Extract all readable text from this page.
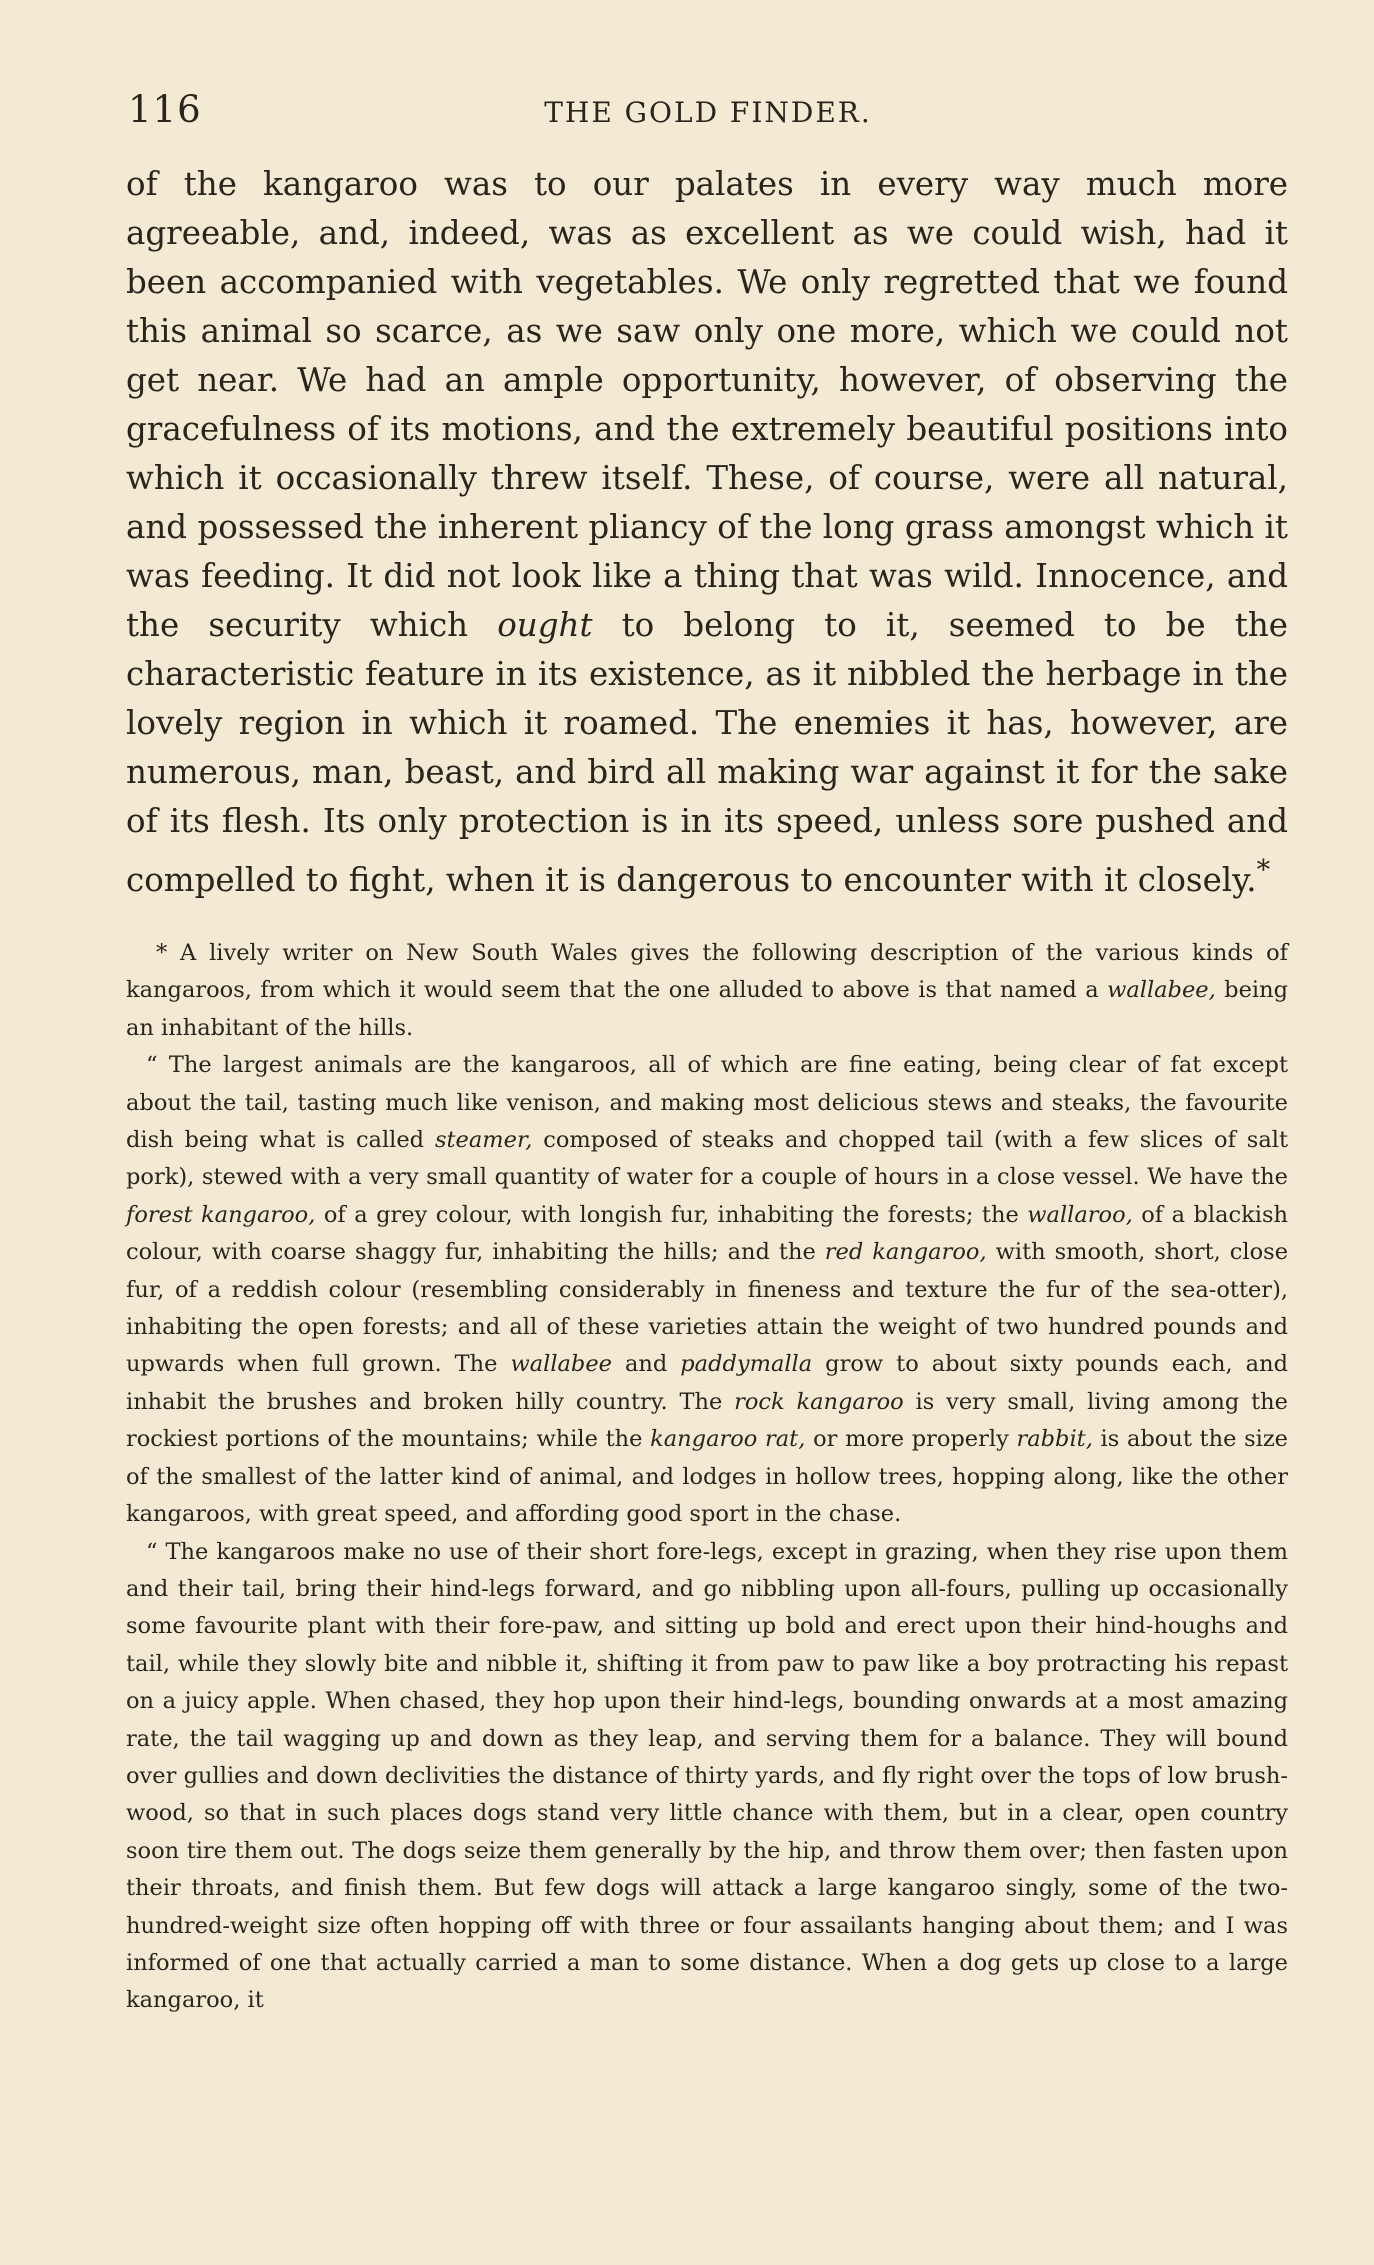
116	THE GOLD FINDER.

of the kangaroo was to our palates in every way much more agreeable, and, indeed, was as excellent as we could wish, had it been accompanied with vegetables. We only regretted that we found this animal so scarce, as we saw only one more, which we could not get near. We had an ample opportunity, however, of observing the gracefulness of its motions, and the extremely beautiful positions into which it occasionally threw itself. These, of course, were all natural, and possessed the inherent pliancy of the long grass amongst which it was feeding. It did not look like a thing that was wild. Innocence, and the security which ought to belong to it, seemed to be the characteristic feature in its existence, as it nibbled the herbage in the lovely region in which it roamed. The enemies it has, however, are numerous, man, beast, and bird all making war against it for the sake of its flesh. Its only protection is in its speed, unless sore pushed and compelled to fight, when it is dangerous to encounter with it closely.*

* A lively writer on New South Wales gives the following description of the various kinds of kangaroos, from which it would seem that the one alluded to above is that named a wallabee, being an inhabitant of the hills.

“ The largest animals are the kangaroos, all of which are fine eating, being clear of fat except about the tail, tasting much like venison, and making most delicious stews and steaks, the favourite dish being what is called steamer, composed of steaks and chopped tail (with a few slices of salt pork), stewed with a very small quantity of water for a couple of hours in a close vessel. We have the forest kangaroo, of a grey colour, with longish fur, inhabiting the forests; the wallaroo, of a blackish colour, with coarse shaggy fur, inhabiting the hills; and the red kangaroo, with smooth, short, close fur, of a reddish colour (resembling considerably in fineness and texture the fur of the sea-otter), inhabiting the open forests; and all of these varieties attain the weight of two hundred pounds and upwards when full grown. The wallabee and paddymalla grow to about sixty pounds each, and inhabit the brushes and broken hilly country. The rock kangaroo is very small, living among the rockiest portions of the mountains; while the kangaroo rat, or more properly rabbit, is about the size of the smallest of the latter kind of animal, and lodges in hollow trees, hopping along, like the other kangaroos, with great speed, and affording good sport in the chase.

“ The kangaroos make no use of their short fore-legs, except in grazing, when they rise upon them and their tail, bring their hind-legs forward, and go nibbling upon all-fours, pulling up occasionally some favourite plant with their fore-paw, and sitting up bold and erect upon their hind-houghs and tail, while they slowly bite and nibble it, shifting it from paw to paw like a boy protracting his repast on a juicy apple. When chased, they hop upon their hind-legs, bounding onwards at a most amazing rate, the tail wagging up and down as they leap, and serving them for a balance. They will bound over gullies and down declivities the distance of thirty yards, and fly right over the tops of low brush-wood, so that in such places dogs stand very little chance with them, but in a clear, open country soon tire them out. The dogs seize them generally by the hip, and throw them over; then fasten upon their throats, and finish them. But few dogs will attack a large kangaroo singly, some of the two-hundred-weight size often hopping off with three or four assailants hanging about them; and I was informed of one that actually carried a man to some distance. When a dog gets up close to a large kangaroo, it
